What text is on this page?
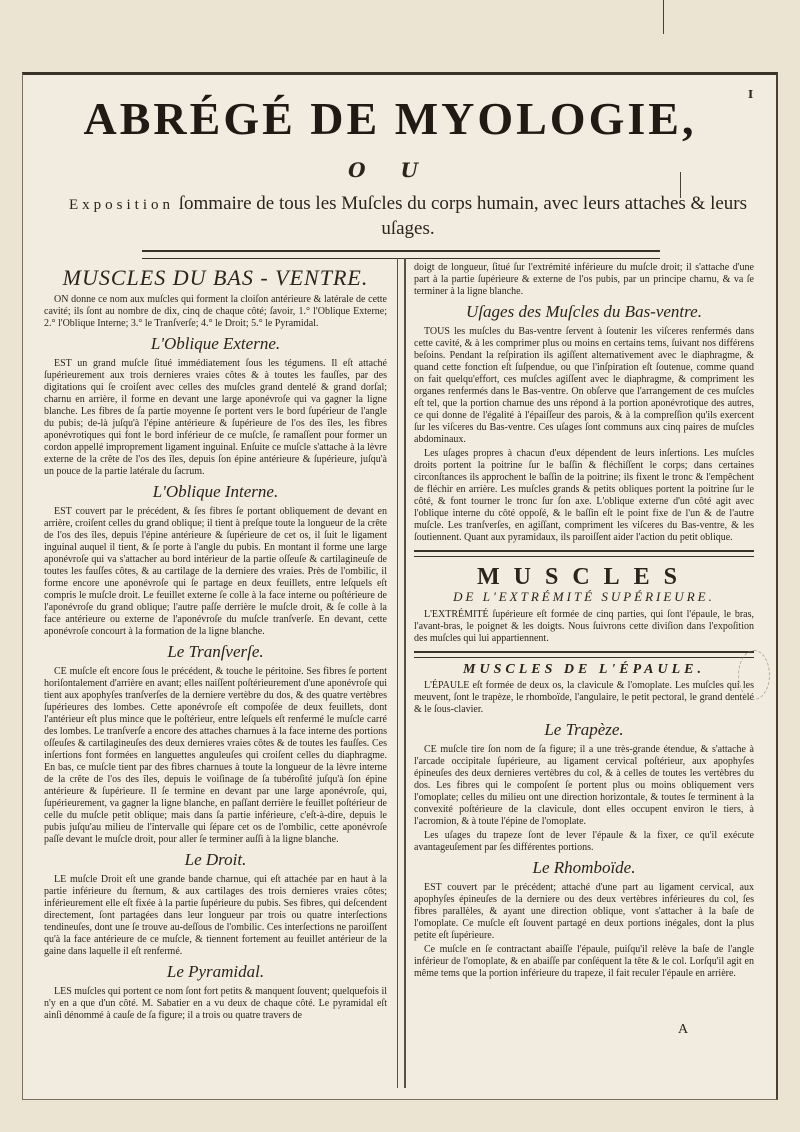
I
ABRÉGÉ DE MYOLOGIE,
O U
Exposition ſommaire de tous les Muſcles du corps humain, avec leurs attaches & leurs uſages.
MUSCLES DU BAS - VENTRE.

ON donne ce nom aux muſcles qui forment la cloiſon antérieure & latérale de cette cavité; ils ſont au nombre de dix, cinq de chaque côté; ſavoir, 1.° l'Oblique Externe; 2.° l'Oblique Interne; 3.° le Tranſverſe; 4.° le Droit; 5.° le Pyramidal.

L'Oblique Externe.

EST un grand muſcle ſitué immédiatement ſous les tégumens. Il eſt attaché ſupérieurement aux trois dernieres vraies côtes & à toutes les fauſſes, par des digitations qui ſe croiſent avec celles des muſcles grand dentelé & grand dorſal; charnu en arrière, il forme en devant une large aponévroſe qui va gagner la ligne blanche. Les fibres de ſa partie moyenne ſe portent vers le bord ſupérieur de l'angle du pubis; de-là juſqu'à l'épine antérieure & ſupérieure de l'os des îles, les fibres aponévrotiques qui font le bord inférieur de ce muſcle, ſe ramaſſent pour former un cordon appellé improprement ligament inguinal. Enſuite ce muſcle s'attache à la lèvre externe de la crête de l'os des îles, depuis ſon épine antérieure & ſupérieure, juſqu'à un pouce de la partie latérale du ſacrum.

L'Oblique Interne.

EST couvert par le précédent, & ſes fibres ſe portant obliquement de devant en arrière, croiſent celles du grand oblique; il tient à preſque toute la longueur de la crête de l'os des îles, depuis l'épine antérieure & ſupérieure de cet os, il ſuit le ligament inguinal auquel il tient, & ſe porte à l'angle du pubis. En montant il forme une large aponévroſe qui va s'attacher au bord intérieur de la partie oſſeuſe & cartilagineuſe de toutes les fauſſes côtes, & au cartilage de la derniere des vraies. Près de l'ombilic, il forme encore une aponévroſe qui ſe partage en deux feuillets, entre leſquels eſt compris le muſcle droit. Le feuillet externe ſe colle à la face interne ou poſtérieure de l'aponévroſe du grand oblique; l'autre paſſe derrière le muſcle droit, & ſe colle à la face antérieure ou externe de l'aponévroſe du muſcle tranſverſe. En devant, cette aponévroſe concourt à la formation de la ligne blanche.

Le Tranſverſe.

CE muſcle eſt encore ſous le précédent, & touche le péritoine. Ses fibres ſe portent horiſontalement d'arrière en avant; elles naiſſent poſtérieurement d'une aponévroſe qui tient aux apophyſes tranſverſes de la derniere vertèbre du dos, & des quatre vertèbres ſupérieures des lombes. Cette aponévroſe eſt compoſée de deux feuillets, dont l'antérieur eſt plus mince que le poſtérieur, entre leſquels eſt renfermé le muſcle carré des lombes. Le tranſverſe a encore des attaches charnues à la face interne des portions oſſeuſes & cartilagineuſes des deux dernieres vraies côtes & de toutes les fauſſes. Ces inſertions font formées en languettes angulеuſes qui croiſent celles du diaphragme. En bas, ce muſcle tient par des fibres charnues à toute la longueur de la lèvre interne de la crête de l'os des îles, depuis le voiſinage de ſa tubéroſité juſqu'à ſon épine antérieure & ſupérieure. Il ſe termine en devant par une large aponévroſe, qui, ſupérieurement, va gagner la ligne blanche, en paſſant derrière le feuillet poſtérieur de celle du muſcle petit oblique; mais dans ſa partie inférieure, c'eſt-à-dire, depuis le pubis juſqu'au milieu de l'intervalle qui ſépare cet os de l'ombilic, cette aponévroſe paſſe devant le muſcle droit, pour aller ſe terminer auſſi à la ligne blanche.

Le Droit.

LE muſcle Droit eſt une grande bande charnue, qui eſt attachée par en haut à la partie inférieure du ſternum, & aux cartilages des trois dernieres vraies côtes; inférieurement elle eſt fixée à la partie ſupérieure du pubis. Ses fibres, qui deſcendent directement, ſont partagées dans leur longueur par trois ou quatre interſections tendineuſes, dont une ſe trouve au-deſſous de l'ombilic. Ces interſections ne paroiſſent qu'à la face antérieure de ce muſcle, & tiennent fortement au feuillet antérieur de la gaine dans laquelle il eſt renfermé.

Le Pyramidal.

LES muſcles qui portent ce nom ſont fort petits & manquent ſouvent; quelquefois il n'y en a que d'un côté. M. Sabatier en a vu deux de chaque côté. Le pyramidal eſt ainſi dénommé à cauſe de ſa figure; il a trois ou quatre travers de

doigt de longueur, ſitué ſur l'extrémité inférieure du muſcle droit; il s'attache d'une part à la partie ſupérieure & externe de l'os pubis, par un principe charnu, & va ſe terminer à la ligne blanche.

Uſages des Muſcles du Bas-ventre.

TOUS les muſcles du Bas-ventre ſervent à ſoutenir les viſceres renfermés dans cette cavité, & à les comprimer plus ou moins en certains tems, ſuivant nos différens beſoins. Pendant la reſpiration ils agiſſent alternativement avec le diaphragme, & quand cette fonction eſt ſuſpendue, ou que l'inſpiration eſt ſoutenue, comme quand on fait quelqu'effort, ces muſcles agiſſent avec le diaphragme, & compriment les organes renfermés dans le Bas-ventre. On obſerve que l'arrangement de ces muſcles eſt tel, que la portion charnue des uns répond à la portion aponévrotique des autres, ce qui donne de l'égalité à l'épaiſſeur des parois, & à la compreſſion qu'ils exercent ſur les viſceres du Bas-ventre. Ces uſages ſont communs aux cinq paires de muſcles abdominaux.

Les uſages propres à chacun d'eux dépendent de leurs inſertions. Les muſcles droits portent la poitrine ſur le baſſin & fléchiſſent le corps; dans certaines circonſtances ils approchent le baſſin de la poitrine; ils fixent le tronc & l'empêchent de fléchir en arrière. Les muſcles grands & petits obliques portent la poitrine ſur le côté, & font tourner le tronc ſur ſon axe. L'oblique externe d'un côté agit avec l'oblique interne du côté oppoſé, & le baſſin eſt le point fixe de l'un & de l'autre muſcle. Les tranſverſes, en agiſſant, compriment les viſceres du Bas-ventre, & les ſoutiennent. Quant aux pyramidaux, ils paroiſſent aider l'action du petit oblique.

MUSCLES
DE L'EXTRÉMITÉ SUPÉRIEURE.

L'EXTRÉMITÉ ſupérieure eſt formée de cinq parties, qui ſont l'épaule, le bras, l'avant-bras, le poignet & les doigts. Nous ſuivrons cette diviſion dans l'expoſition des muſcles qui lui appartiennent.

MUSCLES DE L'ÉPAULE.

L'ÉPAULE eſt formée de deux os, la clavicule & l'omoplate. Les muſcles qui les meuvent, ſont le trapèze, le rhomboïde, l'angulaire, le petit pectoral, le grand dentelé & le ſous-clavier.

Le Trapèze.

CE muſcle tire ſon nom de ſa figure; il a une très-grande étendue, & s'attache à l'arcade occipitale ſupérieure, au ligament cervical poſtérieur, aux apophyſes épineuſes des deux dernieres vertèbres du col, & à celles de toutes les vertèbres du dos. Les fibres qui le compoſent ſe portent plus ou moins obliquement vers l'omoplate; celles du milieu ont une direction horizontale, & toutes ſe terminent à la convexité poſtérieure de la clavicule, dont elles occupent environ le tiers, à l'acromion, & à toute l'épine de l'omoplate.

Les uſages du trapeze ſont de lever l'épaule & la fixer, ce qu'il exécute avantageuſement par ſes différentes portions.

Le Rhomboïde.

EST couvert par le précédent; attaché d'une part au ligament cervical, aux apophyſes épineuſes de la derniere ou des deux vertèbres inférieures du col, ſes fibres parallèles, & ayant une direction oblique, vont s'attacher à la baſe de l'omoplate. Ce muſcle eſt ſouvent partagé en deux portions inégales, dont la plus petite eſt ſupérieure.

Ce muſcle en ſe contractant abaiſſe l'épaule, puiſqu'il relève la baſe de l'angle inférieur de l'omoplate, & en abaiſſe par conſéquent la tête & le col. Lorſqu'il agit en même tems que la portion inférieure du trapeze, il fait reculer l'épaule en arrière.

A
